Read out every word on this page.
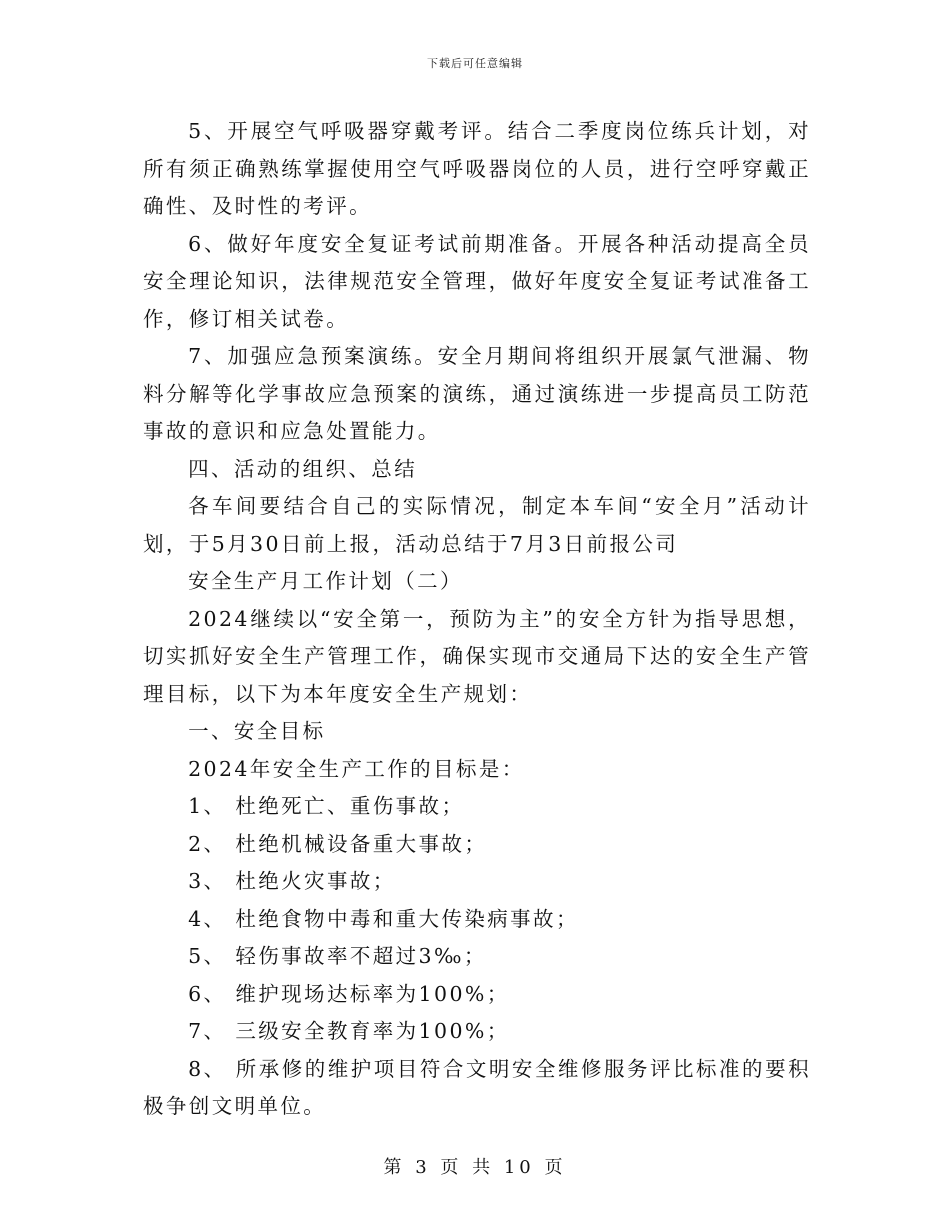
下载后可任意编辑

5、开展空气呼吸器穿戴考评。结合二季度岗位练兵计划，对所有须正确熟练掌握使用空气呼吸器岗位的人员，进行空呼穿戴正确性、及时性的考评。

6、做好年度安全复证考试前期准备。开展各种活动提高全员安全理论知识，法律规范安全管理，做好年度安全复证考试准备工作，修订相关试卷。

7、加强应急预案演练。安全月期间将组织开展氯气泄漏、物料分解等化学事故应急预案的演练，通过演练进一步提高员工防范事故的意识和应急处置能力。

四、活动的组织、总结

各车间要结合自己的实际情况，制定本车间“安全月”活动计划，于5月30日前上报，活动总结于7月3日前报公司

安全生产月工作计划（二）

2024继续以“安全第一，预防为主”的安全方针为指导思想，切实抓好安全生产管理工作，确保实现市交通局下达的安全生产管理目标，以下为本年度安全生产规划：

一、安全目标

2024年安全生产工作的目标是：

1、 杜绝死亡、重伤事故；

2、 杜绝机械设备重大事故；

3、 杜绝火灾事故；

4、 杜绝食物中毒和重大传染病事故；

5、 轻伤事故率不超过3‰；

6、 维护现场达标率为100%；

7、 三级安全教育率为100%；

8、 所承修的维护项目符合文明安全维修服务评比标准的要积极争创文明单位。

第 3 页 共 10 页
